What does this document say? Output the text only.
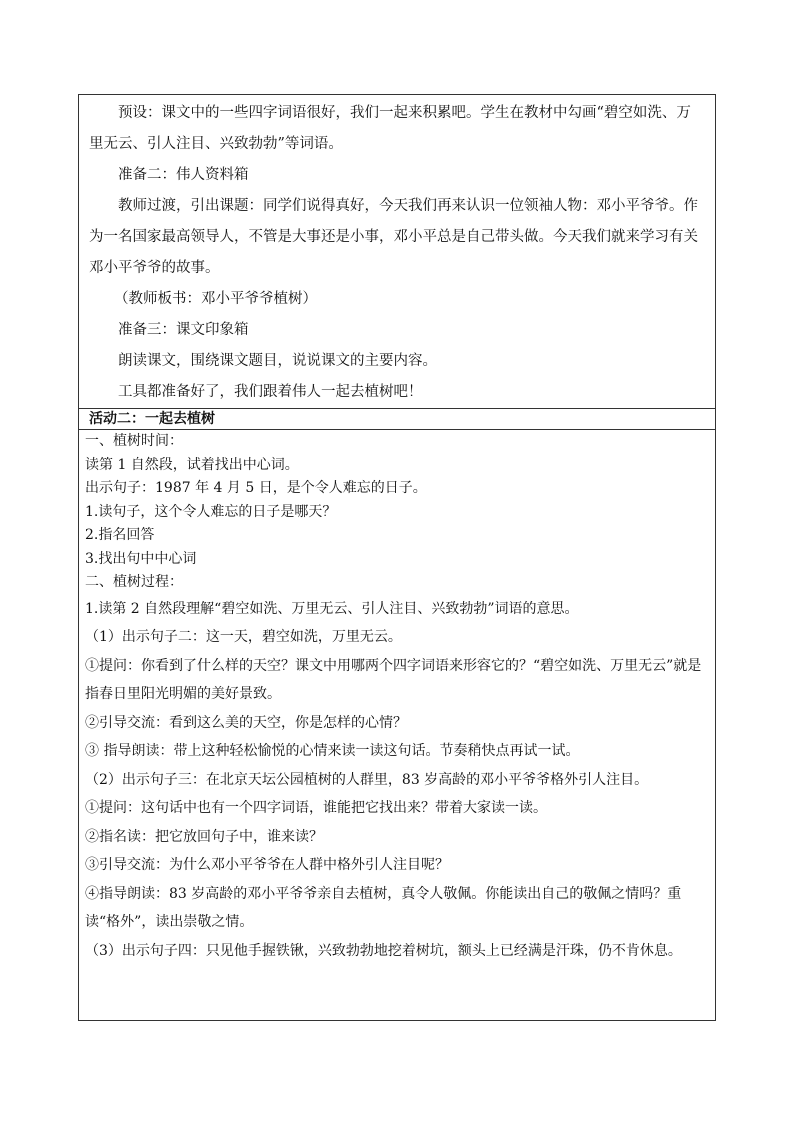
预设：课文中的一些四字词语很好，我们一起来积累吧。学生在教材中勾画“碧空如洗、万里无云、引人注目、兴致勃勃”等词语。

准备二：伟人资料箱

教师过渡，引出课题：同学们说得真好，今天我们再来认识一位领袖人物：邓小平爷爷。作为一名国家最高领导人，不管是大事还是小事，邓小平总是自己带头做。今天我们就来学习有关邓小平爷爷的故事。

（教师板书：邓小平爷爷植树）

准备三：课文印象箱

朗读课文，围绕课文题目，说说课文的主要内容。

工具都准备好了，我们跟着伟人一起去植树吧！

活动二：一起去植树

一、植树时间：

读第 1 自然段，试着找出中心词。

出示句子：1987 年 4 月 5 日，是个令人难忘的日子。

1.读句子，这个令人难忘的日子是哪天？

2.指名回答

3.找出句中中心词

二、植树过程：

1.读第 2 自然段理解“碧空如洗、万里无云、引人注目、兴致勃勃”词语的意思。

（1）出示句子二：这一天，碧空如洗，万里无云。

①提问：你看到了什么样的天空？课文中用哪两个四字词语来形容它的？“碧空如洗、万里无云”就是指春日里阳光明媚的美好景致。

②引导交流：看到这么美的天空，你是怎样的心情？

③ 指导朗读：带上这种轻松愉悦的心情来读一读这句话。节奏稍快点再试一试。

（2）出示句子三：在北京天坛公园植树的人群里，83 岁高龄的邓小平爷爷格外引人注目。

①提问：这句话中也有一个四字词语，谁能把它找出来？带着大家读一读。

②指名读：把它放回句子中，谁来读？

③引导交流：为什么邓小平爷爷在人群中格外引人注目呢？

④指导朗读：83 岁高龄的邓小平爷爷亲自去植树，真令人敬佩。你能读出自己的敬佩之情吗？重读“格外”，读出崇敬之情。

（3）出示句子四：只见他手握铁锹，兴致勃勃地挖着树坑，额头上已经满是汗珠，仍不肯休息。
